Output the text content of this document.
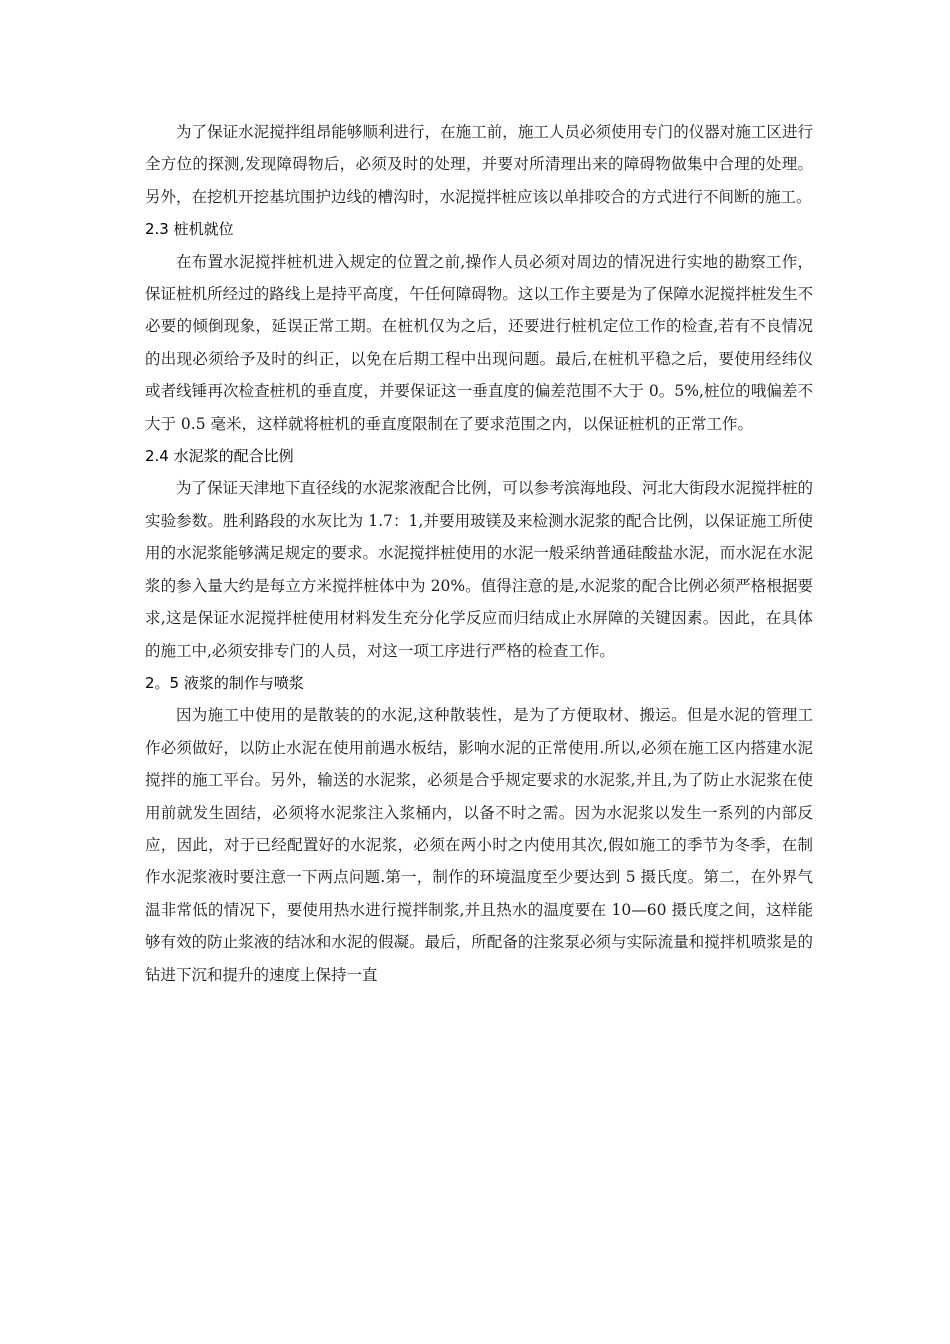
为了保证水泥搅拌组昂能够顺利进行，在施工前，施工人员必须使用专门的仪器对施工区进行全方位的探测,发现障碍物后，必须及时的处理，并要对所清理出来的障碍物做集中合理的处理。另外，在挖机开挖基坑围护边线的槽沟时，水泥搅拌桩应该以单排咬合的方式进行不间断的施工。

2.3 桩机就位

在布置水泥搅拌桩机进入规定的位置之前,操作人员必须对周边的情况进行实地的勘察工作，保证桩机所经过的路线上是持平高度，午任何障碍物。这以工作主要是为了保障水泥搅拌桩发生不必要的倾倒现象，延误正常工期。在桩机仅为之后，还要进行桩机定位工作的检查,若有不良情况的出现必须给予及时的纠正，以免在后期工程中出现问题。最后,在桩机平稳之后，要使用经纬仪或者线锤再次检查桩机的垂直度，并要保证这一垂直度的偏差范围不大于 0。5%,桩位的哦偏差不大于 0.5 毫米，这样就将桩机的垂直度限制在了要求范围之内，以保证桩机的正常工作。

2.4 水泥浆的配合比例

为了保证天津地下直径线的水泥浆液配合比例，可以参考滨海地段、河北大街段水泥搅拌桩的实验参数。胜利路段的水灰比为 1.7：1,并要用玻镁及来检测水泥浆的配合比例，以保证施工所使用的水泥浆能够满足规定的要求。水泥搅拌桩使用的水泥一般采纳普通硅酸盐水泥，而水泥在水泥浆的参入量大约是每立方米搅拌桩体中为 20%。值得注意的是,水泥浆的配合比例必须严格根据要求,这是保证水泥搅拌桩使用材料发生充分化学反应而归结成止水屏障的关键因素。因此，在具体的施工中,必须安排专门的人员，对这一项工序进行严格的检查工作。

2。5 液浆的制作与喷浆

因为施工中使用的是散装的的水泥,这种散装性，是为了方便取材、搬运。但是水泥的管理工作必须做好，以防止水泥在使用前遇水板结，影响水泥的正常使用.所以,必须在施工区内搭建水泥搅拌的施工平台。另外，输送的水泥浆，必须是合乎规定要求的水泥浆,并且,为了防止水泥浆在使用前就发生固结，必须将水泥浆注入浆桶内，以备不时之需。因为水泥浆以发生一系列的内部反应，因此，对于已经配置好的水泥浆，必须在两小时之内使用其次,假如施工的季节为冬季，在制作水泥浆液时要注意一下两点问题.第一，制作的环境温度至少要达到 5 摄氏度。第二，在外界气温非常低的情况下，要使用热水进行搅拌制浆,并且热水的温度要在 10—60 摄氏度之间，这样能够有效的防止浆液的结冰和水泥的假凝。最后，所配备的注浆泵必须与实际流量和搅拌机喷浆是的钻进下沉和提升的速度上保持一直
